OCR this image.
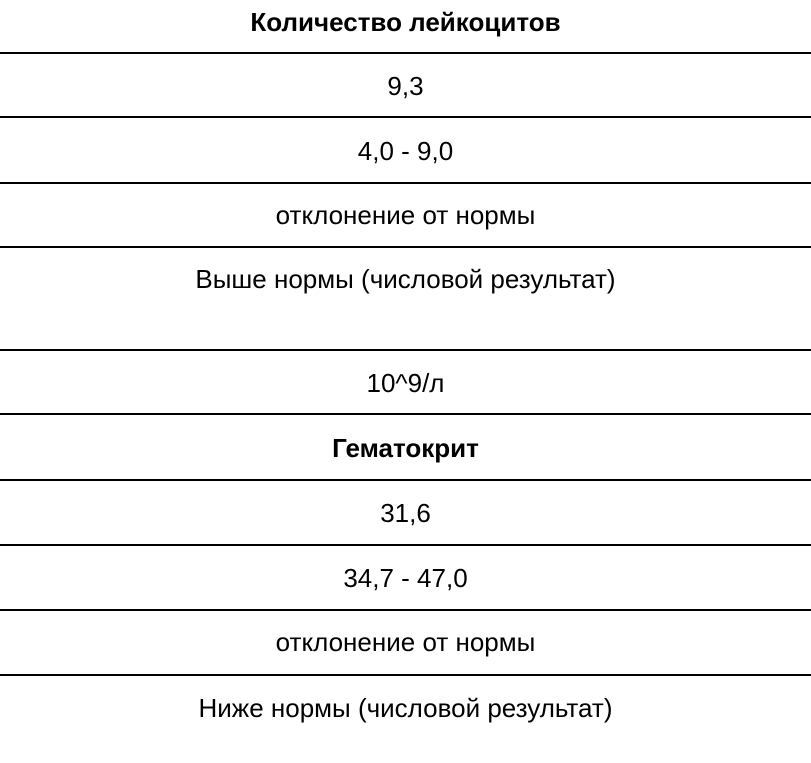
Количество лейкоцитов
9,3
4,0 - 9,0
отклонение от нормы
Выше нормы (числовой результат)
10^9/л
Гематокрит
31,6
34,7 - 47,0
отклонение от нормы
Ниже нормы (числовой результат)
